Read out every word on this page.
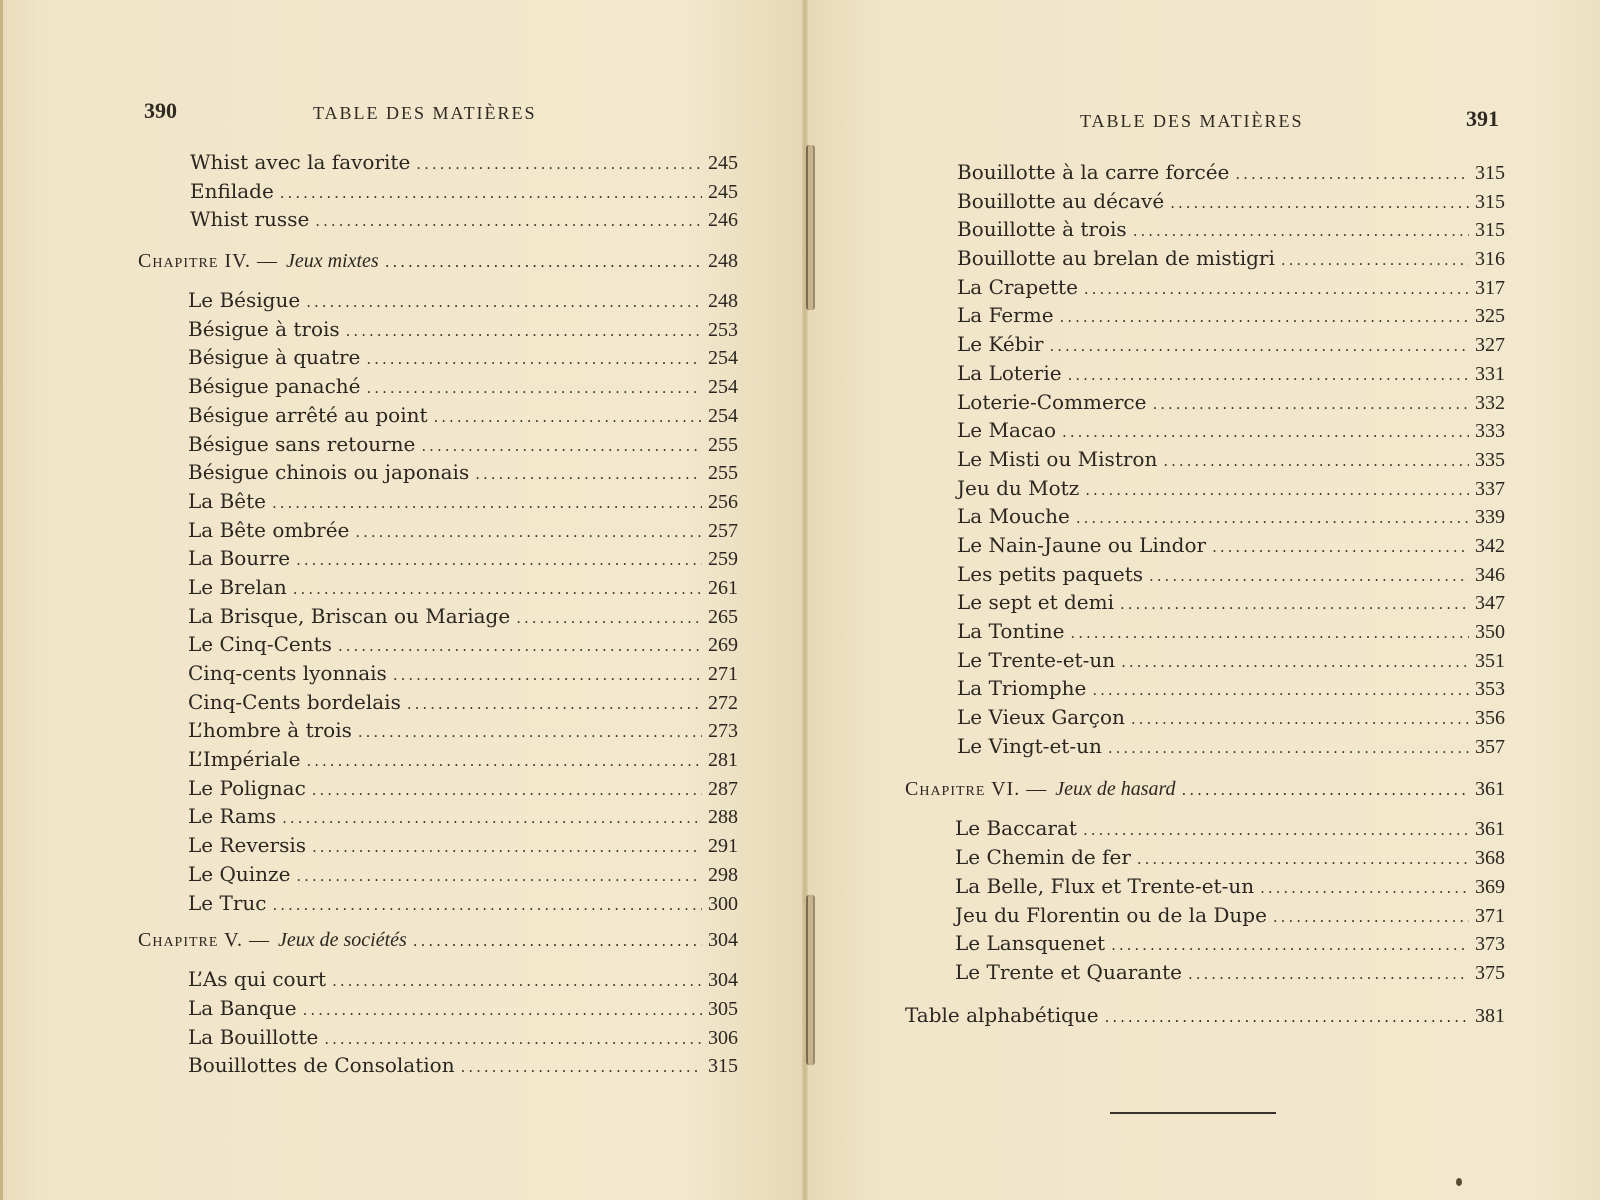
390	TABLE DES MATIÈRES
Whist avec la favorite .....	245
Enfilade .....	245
Whist russe .....	246
Chapitre IV. — Jeux mixtes .....	248
Le Bésigue .....	248
Bésigue à trois .....	253
Bésigue à quatre .....	254
Bésigue panaché .....	254
Bésigue arrêté au point .....	254
Bésigue sans retourne .....	255
Bésigue chinois ou japonais .....	255
La Bête .....	256
La Bête ombrée .....	257
La Bourre .....	259
Le Brelan .....	261
La Brisque, Briscan ou Mariage .....	265
Le Cinq-Cents .....	269
Cinq-cents lyonnais .....	271
Cinq-Cents bordelais .....	272
L’hombre à trois .....	273
L’Impériale .....	281
Le Polignac .....	287
Le Rams .....	288
Le Reversis .....	291
Le Quinze .....	298
Le Truc .....	300
Chapitre V. — Jeux de sociétés .....	304
L’As qui court .....	304
La Banque .....	305
La Bouillotte .....	306
Bouillottes de Consolation .....	315
TABLE DES MATIÈRES	391
Bouillotte à la carre forcée .....	315
Bouillotte au décavé .....	315
Bouillotte à trois .....	315
Bouillotte au brelan de mistigri .....	316
La Crapette .....	317
La Ferme .....	325
Le Kébir .....	327
La Loterie .....	331
Loterie-Commerce .....	332
Le Macao .....	333
Le Misti ou Mistron .....	335
Jeu du Motz .....	337
La Mouche .....	339
Le Nain-Jaune ou Lindor .....	342
Les petits paquets .....	346
Le sept et demi .....	347
La Tontine .....	350
Le Trente-et-un .....	351
La Triomphe .....	353
Le Vieux Garçon .....	356
Le Vingt-et-un .....	357
Chapitre VI. — Jeux de hasard .....	361
Le Baccarat .....	361
Le Chemin de fer .....	368
La Belle, Flux et Trente-et-un .....	369
Jeu du Florentin ou de la Dupe .....	371
Le Lansquenet .....	373
Le Trente et Quarante .....	375
Table alphabétique .....	381
